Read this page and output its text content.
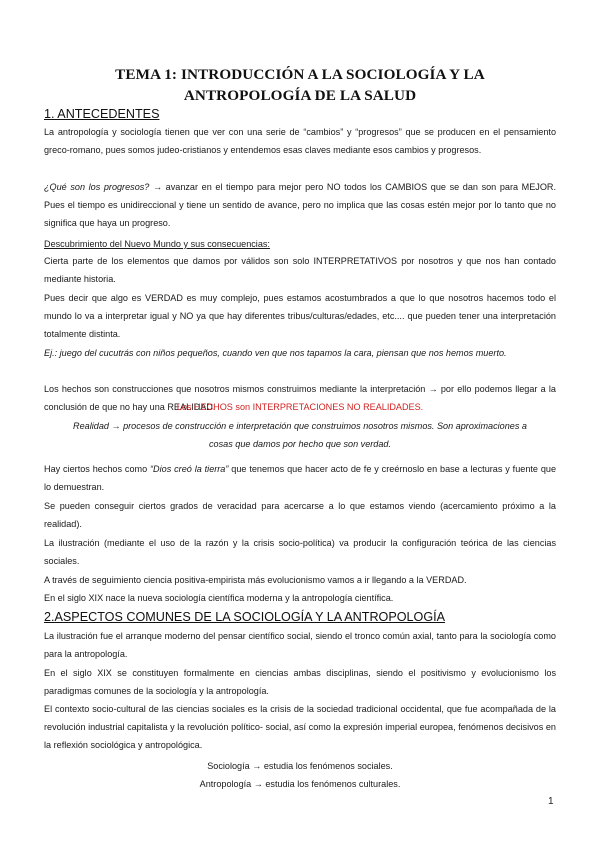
TEMA 1: INTRODUCCIÓN A LA SOCIOLOGÍA Y LA ANTROPOLOGÍA DE LA SALUD
1. ANTECEDENTES
La antropología y sociología tienen que ver con una serie de “cambios” y “progresos” que se producen en el pensamiento greco-romano, pues somos judeo-cristianos y entendemos esas claves mediante esos cambios y progresos.
¿Qué son los progresos? → avanzar en el tiempo para mejor pero NO todos los CAMBIOS que se dan son para MEJOR. Pues el tiempo es unidireccional y tiene un sentido de avance, pero no implica que las cosas estén mejor por lo tanto que no significa que haya un progreso.
Descubrimiento del Nuevo Mundo y sus consecuencias:
Cierta parte de los elementos que damos por válidos son solo INTERPRETATIVOS por nosotros y que nos han contado mediante historia.
Pues decir que algo es VERDAD es muy complejo, pues estamos acostumbrados a que lo que nosotros hacemos todo el mundo lo va a interpretar igual y NO ya que hay diferentes tribus/culturas/edades, etc.... que pueden tener una interpretación totalmente distinta.
Ej.: juego del cucutrás con niños pequeños, cuando ven que nos tapamos la cara, piensan que nos hemos muerto.
Los hechos son construcciones que nosotros mismos construimos mediante la interpretación → por ello podemos llegar a la conclusión de que no hay una REALIDAD.
Los HECHOS son INTERPRETACIONES NO REALIDADES.
Realidad → procesos de construcción e interpretación que construimos nosotros mismos. Son aproximaciones a cosas que damos por hecho que son verdad.
Hay ciertos hechos como “Dios creó la tierra” que tenemos que hacer acto de fe y creérnoslo en base a lecturas y fuente que lo demuestran.
Se pueden conseguir ciertos grados de veracidad para acercarse a lo que estamos viendo (acercamiento próximo a la realidad).
La ilustración (mediante el uso de la razón y la crisis socio-política) va producir la configuración teórica de las ciencias sociales.
A través de seguimiento ciencia positiva-empirista más evolucionismo vamos a ir llegando a la VERDAD.
En el siglo XIX nace la nueva sociología científica moderna y la antropología científica.
2.ASPECTOS COMUNES DE LA SOCIOLOGÍA Y LA ANTROPOLOGÍA
La ilustración fue el arranque moderno del pensar científico social, siendo el tronco común axial, tanto para la sociología como para la antropología.
En el siglo XIX se constituyen formalmente en ciencias ambas disciplinas, siendo el positivismo y evolucionismo los paradigmas comunes de la sociología y la antropología.
El contexto socio-cultural de las ciencias sociales es la crisis de la sociedad tradicional occidental, que fue acompañada de la revolución industrial capitalista y la revolución político- social, así como la expresión imperial europea, fenómenos decisivos en la reflexión sociológica y antropológica.
Sociología → estudia los fenómenos sociales.
Antropología → estudia los fenómenos culturales.
1
